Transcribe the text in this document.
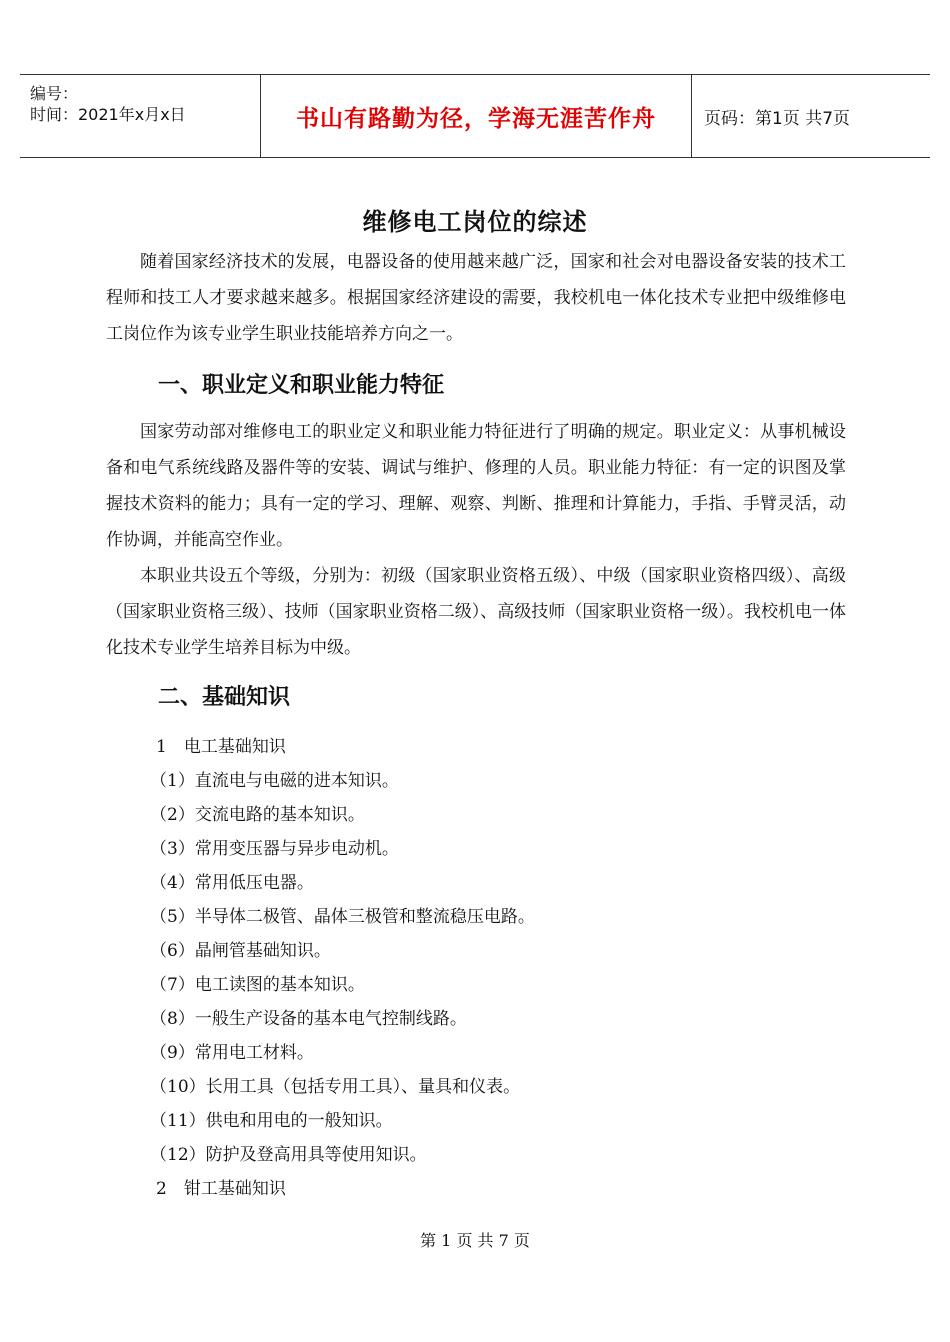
编号：
时间：2021年x月x日	书山有路勤为径，学海无涯苦作舟	页码：第1页 共7页
维修电工岗位的综述

随着国家经济技术的发展，电器设备的使用越来越广泛，国家和社会对电器设备安装的技术工程师和技工人才要求越来越多。根据国家经济建设的需要，我校机电一体化技术专业把中级维修电工岗位作为该专业学生职业技能培养方向之一。

一、职业定义和职业能力特征

国家劳动部对维修电工的职业定义和职业能力特征进行了明确的规定。职业定义：从事机械设备和电气系统线路及器件等的安装、调试与维护、修理的人员。职业能力特征：有一定的识图及掌握技术资料的能力；具有一定的学习、理解、观察、判断、推理和计算能力，手指、手臂灵活，动作协调，并能高空作业。

本职业共设五个等级，分别为：初级（国家职业资格五级）、中级（国家职业资格四级）、高级（国家职业资格三级）、技师（国家职业资格二级）、高级技师（国家职业资格一级）。我校机电一体化技术专业学生培养目标为中级。

二、基础知识
1　电工基础知识
（1）直流电与电磁的进本知识。
（2）交流电路的基本知识。
（3）常用变压器与异步电动机。
（4）常用低压电器。
（5）半导体二极管、晶体三极管和整流稳压电路。
（6）晶闸管基础知识。
（7）电工读图的基本知识。
（8）一般生产设备的基本电气控制线路。
（9）常用电工材料。
（10）长用工具（包括专用工具）、量具和仪表。
（11）供电和用电的一般知识。
（12）防护及登高用具等使用知识。
2　钳工基础知识
第 1 页 共 7 页
